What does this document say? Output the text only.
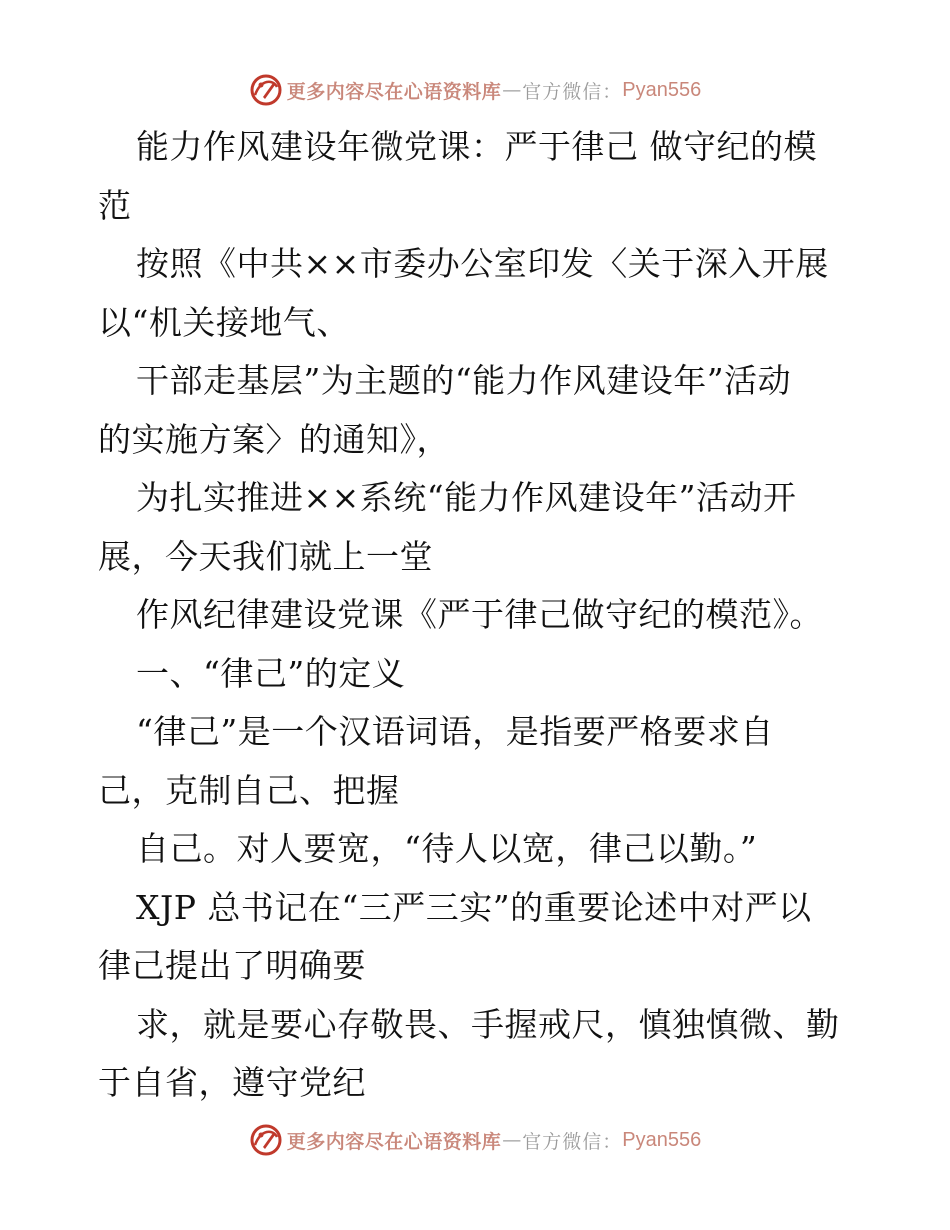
更多内容尽在心语资料库 — 官方微信： Pyan556
能力作风建设年微党课：严于律己 做守纪的模
范
按照《中共××市委办公室印发〈关于深入开展
以“机关接地气、
干部走基层”为主题的“能力作风建设年”活动
的实施方案〉的通知》，
为扎实推进××系统“能力作风建设年”活动开
展，今天我们就上一堂
作风纪律建设党课《严于律己做守纪的模范》。
一、“律己”的定义
“律己”是一个汉语词语，是指要严格要求自
己，克制自己、把握
自己。对人要宽，“待人以宽，律己以勤。”
XJP 总书记在“三严三实”的重要论述中对严以
律己提出了明确要
求，就是要心存敬畏、手握戒尺，慎独慎微、勤
于自省，遵守党纪
更多内容尽在心语资料库 — 官方微信： Pyan556
